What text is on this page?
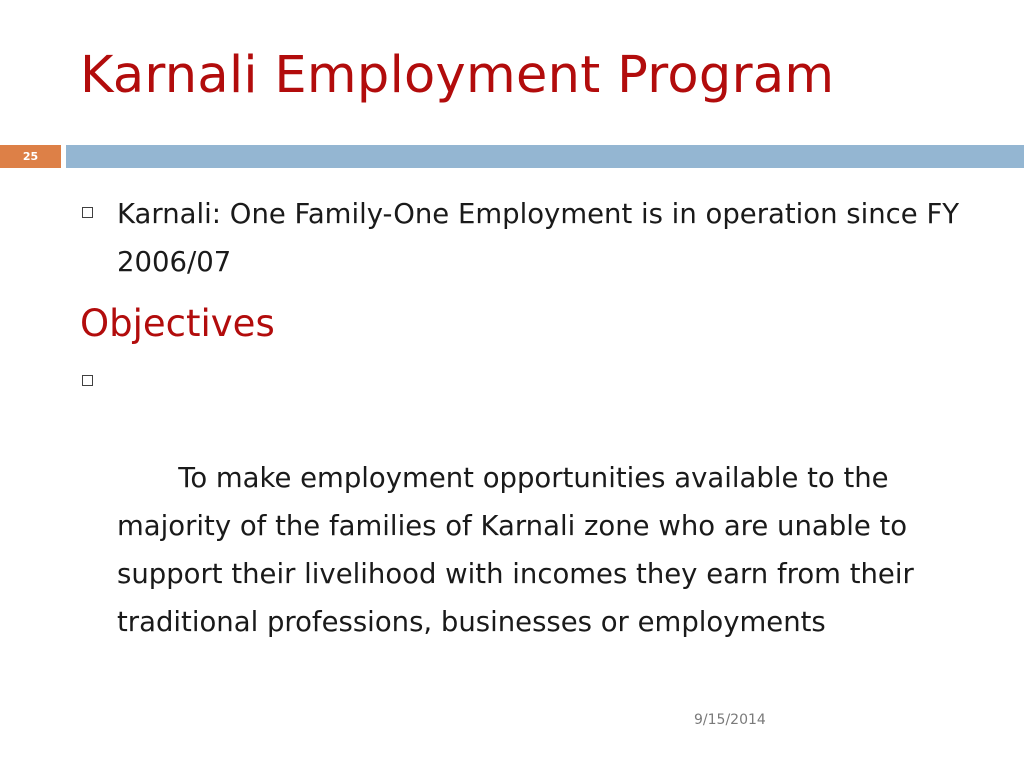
Karnali Employment Program
25
Karnali: One Family-One Employment is in operation since FY 2006/07
Objectives

To make employment opportunities available to the majority of the families of Karnali zone who are unable to support their livelihood with incomes they earn from their traditional professions, businesses or employments

9/15/2014
